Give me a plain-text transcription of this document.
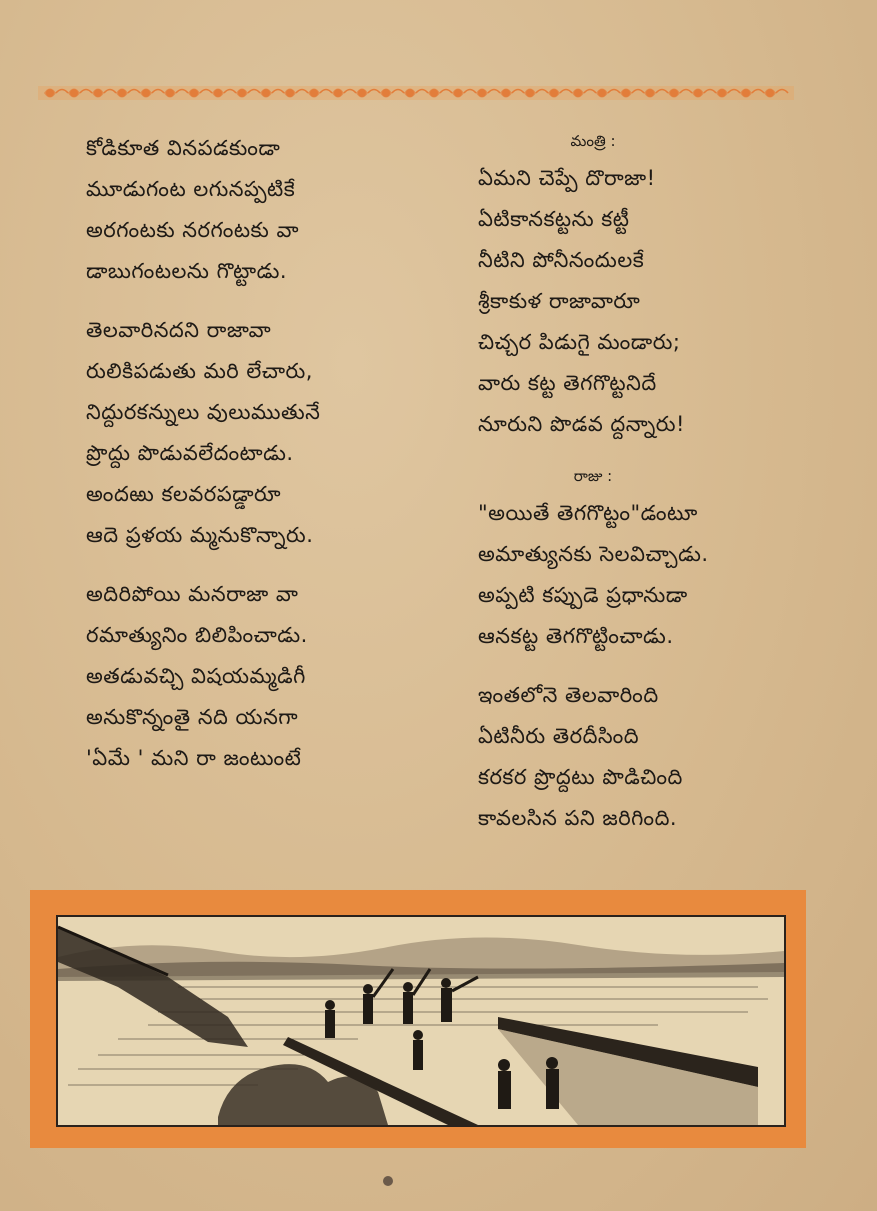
కోడికూత వినపడకుండా
మూడుగంట లగునప్పటికే
అరగంటకు నరగంటకు వా
డాబుగంటలను గొట్టాడు.
తెలవారినదని రాజావా
రులికిపడుతు మరి లేచారు,
నిద్దురకన్నులు వులుముతునే
ప్రొద్దు పొడువలేదంటాడు.
అందఱు కలవరపడ్డారూ
ఆదె ప్రళయ మ్మనుకొన్నారు.
అదిరిపోయి మనరాజా వా
రమాత్యునిం బిలిపించాడు.
అతడువచ్చి విషయమ్మడిగీ
అనుకొన్నంతై నది యనగా
'ఏమే ' మని రా జంటుంటే
మంత్రి :
ఏమని చెప్పే దొరాజా!
ఏటికానకట్టను కట్టీ
నీటిని పోనీనందులకే
శ్రీకాకుళ రాజావారూ
చిచ్చర పిడుగై మండారు;
వారు కట్ట తెగగొట్టనిదే
నూరుని పొడవ ద్దన్నారు!
రాజు :
"అయితే తెగగొట్టం"డంటూ
అమాత్యునకు సెలవిచ్చాడు.
అప్పటి కప్పుడె ప్రధానుడా
ఆనకట్ట తెగగొట్టించాడు.
ఇంతలోనె తెలవారింది
ఏటినీరు తెరదీసింది
కరకర ప్రొద్దటు పొడిచింది
కావలసిన పని జరిగింది.
